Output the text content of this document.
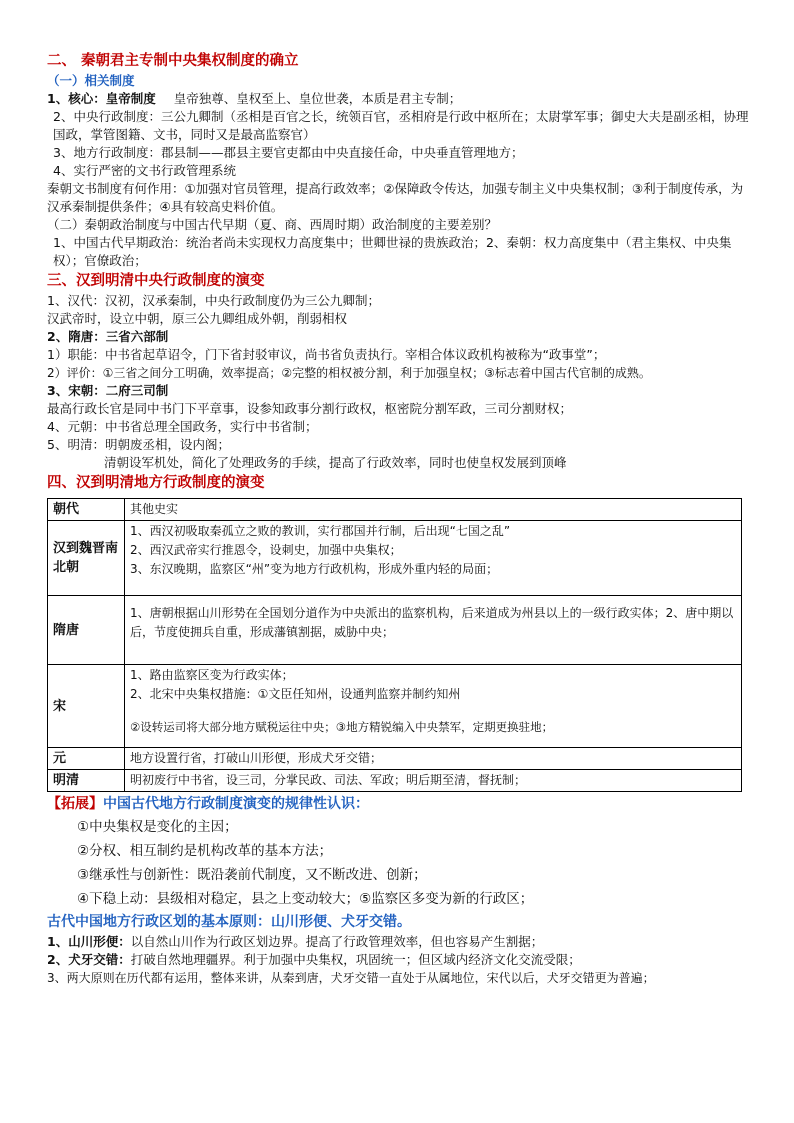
二、 秦朝君主专制中央集权制度的确立

（一）相关制度

1、核心：皇帝制度 皇帝独尊、皇权至上、皇位世袭，本质是君主专制；

2、中央行政制度：三公九卿制（丞相是百官之长，统领百官，丞相府是行政中枢所在；太尉掌军事；御史大夫是副丞相，协理国政，掌管图籍、文书，同时又是最高监察官）

3、地方行政制度：郡县制——郡县主要官吏都由中央直接任命，中央垂直管理地方；

4、实行严密的文书行政管理系统

秦朝文书制度有何作用：①加强对官员管理，提高行政效率；②保障政令传达，加强专制主义中央集权制；③利于制度传承，为汉承秦制提供条件；④具有较高史料价值。

（二）秦朝政治制度与中国古代早期（夏、商、西周时期）政治制度的主要差别？

1、中国古代早期政治：统治者尚未实现权力高度集中；世卿世禄的贵族政治；2、秦朝：权力高度集中（君主集权、中央集权）；官僚政治；

三、汉到明清中央行政制度的演变

1、汉代：汉初，汉承秦制，中央行政制度仍为三公九卿制；

汉武帝时，设立中朝，原三公九卿组成外朝，削弱相权

2、隋唐：三省六部制

1）职能：中书省起草诏令，门下省封驳审议，尚书省负责执行。宰相合体议政机构被称为“政事堂”；

2）评价：①三省之间分工明确，效率提高；②完整的相权被分割，利于加强皇权；③标志着中国古代官制的成熟。

3、宋朝：二府三司制

最高行政长官是同中书门下平章事，设参知政事分割行政权，枢密院分割军政，三司分割财权；

4、元朝：中书省总理全国政务，实行中书省制；

5、明清：明朝废丞相，设内阁；

清朝设军机处，简化了处理政务的手续，提高了行政效率，同时也使皇权发展到顶峰

四、汉到明清地方行政制度的演变

朝代	其他史实
汉到魏晋南北朝	1、西汉初吸取秦孤立之败的教训，实行郡国并行制，后出现“七国之乱”
2、西汉武帝实行推恩令，设刺史，加强中央集权；
3、东汉晚期，监察区“州”变为地方行政机构，形成外重内轻的局面；

隋唐	1、唐朝根据山川形势在全国划分道作为中央派出的监察机构，后来道成为州县以上的一级行政实体；2、唐中期以后，节度使拥兵自重，形成藩镇割据，威胁中央；

宋	1、路由监察区变为行政实体；
2、北宋中央集权措施：①文臣任知州，设通判监察并制约知州
②设转运司将大部分地方赋税运往中央；③地方精锐编入中央禁军，定期更换驻地；

元	地方设置行省，打破山川形便，形成犬牙交错；

明清	明初废行中书省，设三司，分掌民政、司法、军政；明后期至清，督抚制；

【拓展】中国古代地方行政制度演变的规律性认识：

①中央集权是变化的主因；

②分权、相互制约是机构改革的基本方法；

③继承性与创新性：既沿袭前代制度，又不断改进、创新；

④下稳上动：县级相对稳定，县之上变动较大；⑤监察区多变为新的行政区；

古代中国地方行政区划的基本原则：山川形便、犬牙交错。

1、山川形便：以自然山川作为行政区划边界。提高了行政管理效率，但也容易产生割据；

2、犬牙交错：打破自然地理疆界。利于加强中央集权，巩固统一；但区域内经济文化交流受限；

3、两大原则在历代都有运用，整体来讲，从秦到唐，犬牙交错一直处于从属地位，宋代以后，犬牙交错更为普遍；
